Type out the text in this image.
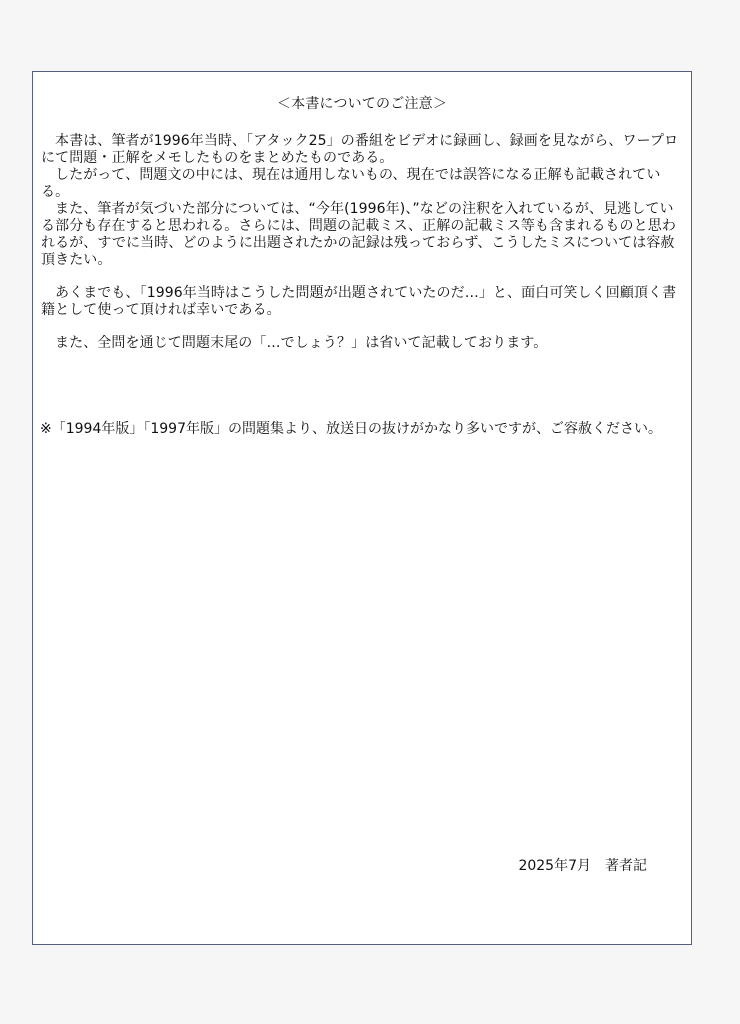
＜本書についてのご注意＞

本書は、筆者が1996年当時、「アタック25」の番組をビデオに録画し、録画を見ながら、ワープロにて問題・正解をメモしたものをまとめたものである。

したがって、問題文の中には、現在は通用しないもの、現在では誤答になる正解も記載されている。

また、筆者が気づいた部分については、“今年(1996年)、”などの注釈を入れているが、見逃している部分も存在すると思われる。さらには、問題の記載ミス、正解の記載ミス等も含まれるものと思われるが、すでに当時、どのように出題されたかの記録は残っておらず、こうしたミスについては容赦頂きたい。

あくまでも、「1996年当時はこうした問題が出題されていたのだ…」と、面白可笑しく回顧頂く書籍として使って頂ければ幸いである。

また、全問を通じて問題末尾の「…でしょう？」は省いて記載しております。

※「1994年版」「1997年版」の問題集より、放送日の抜けがかなり多いですが、ご容赦ください。
2025年7月　著者記
